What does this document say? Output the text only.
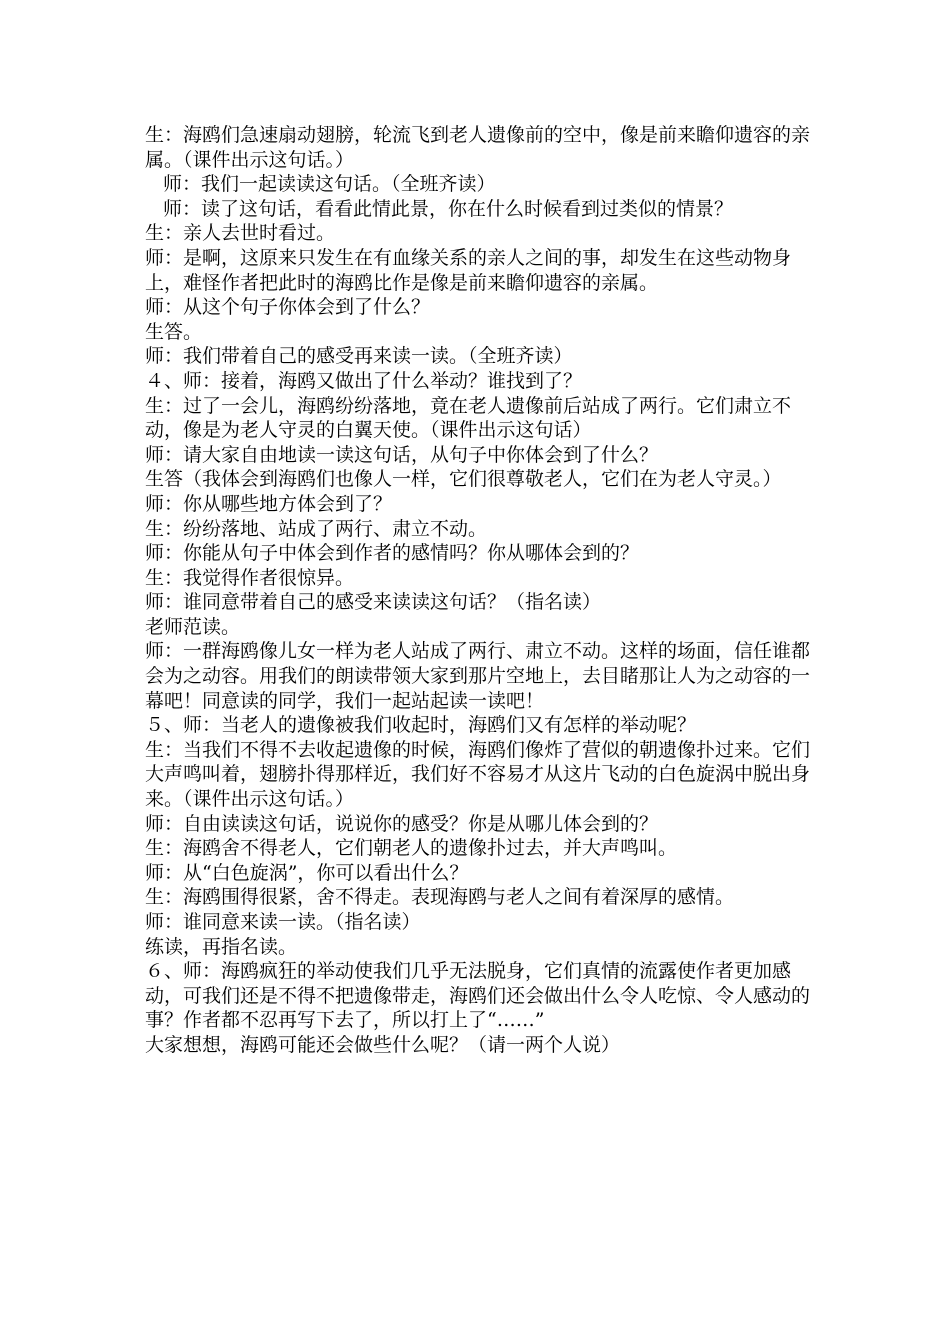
生：海鸥们急速扇动翅膀，轮流飞到老人遗像前的空中，像是前来瞻仰遗容的亲属。（课件出示这句话。）

师：我们一起读读这句话。（全班齐读）

师：读了这句话，看看此情此景，你在什么时候看到过类似的情景？

生：亲人去世时看过。

师：是啊，这原来只发生在有血缘关系的亲人之间的事，却发生在这些动物身上，难怪作者把此时的海鸥比作是像是前来瞻仰遗容的亲属。

师：从这个句子你体会到了什么？

生答。

师：我们带着自己的感受再来读一读。（全班齐读）

４、师：接着，海鸥又做出了什么举动？谁找到了？

生：过了一会儿，海鸥纷纷落地，竟在老人遗像前后站成了两行。它们肃立不动，像是为老人守灵的白翼天使。（课件出示这句话）

师：请大家自由地读一读这句话，从句子中你体会到了什么？

生答（我体会到海鸥们也像人一样，它们很尊敬老人，它们在为老人守灵。）

师：你从哪些地方体会到了？

生：纷纷落地、站成了两行、肃立不动。

师：你能从句子中体会到作者的感情吗？你从哪体会到的？

生：我觉得作者很惊异。

师：谁同意带着自己的感受来读读这句话？（指名读）

老师范读。

师：一群海鸥像儿女一样为老人站成了两行、肃立不动。这样的场面，信任谁都会为之动容。用我们的朗读带领大家到那片空地上，去目睹那让人为之动容的一幕吧！同意读的同学，我们一起站起读一读吧！

５、师：当老人的遗像被我们收起时，海鸥们又有怎样的举动呢？

生：当我们不得不去收起遗像的时候，海鸥们像炸了营似的朝遗像扑过来。它们大声鸣叫着，翅膀扑得那样近，我们好不容易才从这片飞动的白色旋涡中脱出身来。（课件出示这句话。）

师：自由读读这句话，说说你的感受？你是从哪儿体会到的？

生：海鸥舍不得老人，它们朝老人的遗像扑过去，并大声鸣叫。

师：从“白色旋涡”，你可以看出什么？

生：海鸥围得很紧，舍不得走。表现海鸥与老人之间有着深厚的感情。

师：谁同意来读一读。（指名读）

练读，再指名读。

６、师：海鸥疯狂的举动使我们几乎无法脱身，它们真情的流露使作者更加感动，可我们还是不得不把遗像带走，海鸥们还会做出什么令人吃惊、令人感动的事？作者都不忍再写下去了，所以打上了“……”

大家想想，海鸥可能还会做些什么呢？（请一两个人说）
